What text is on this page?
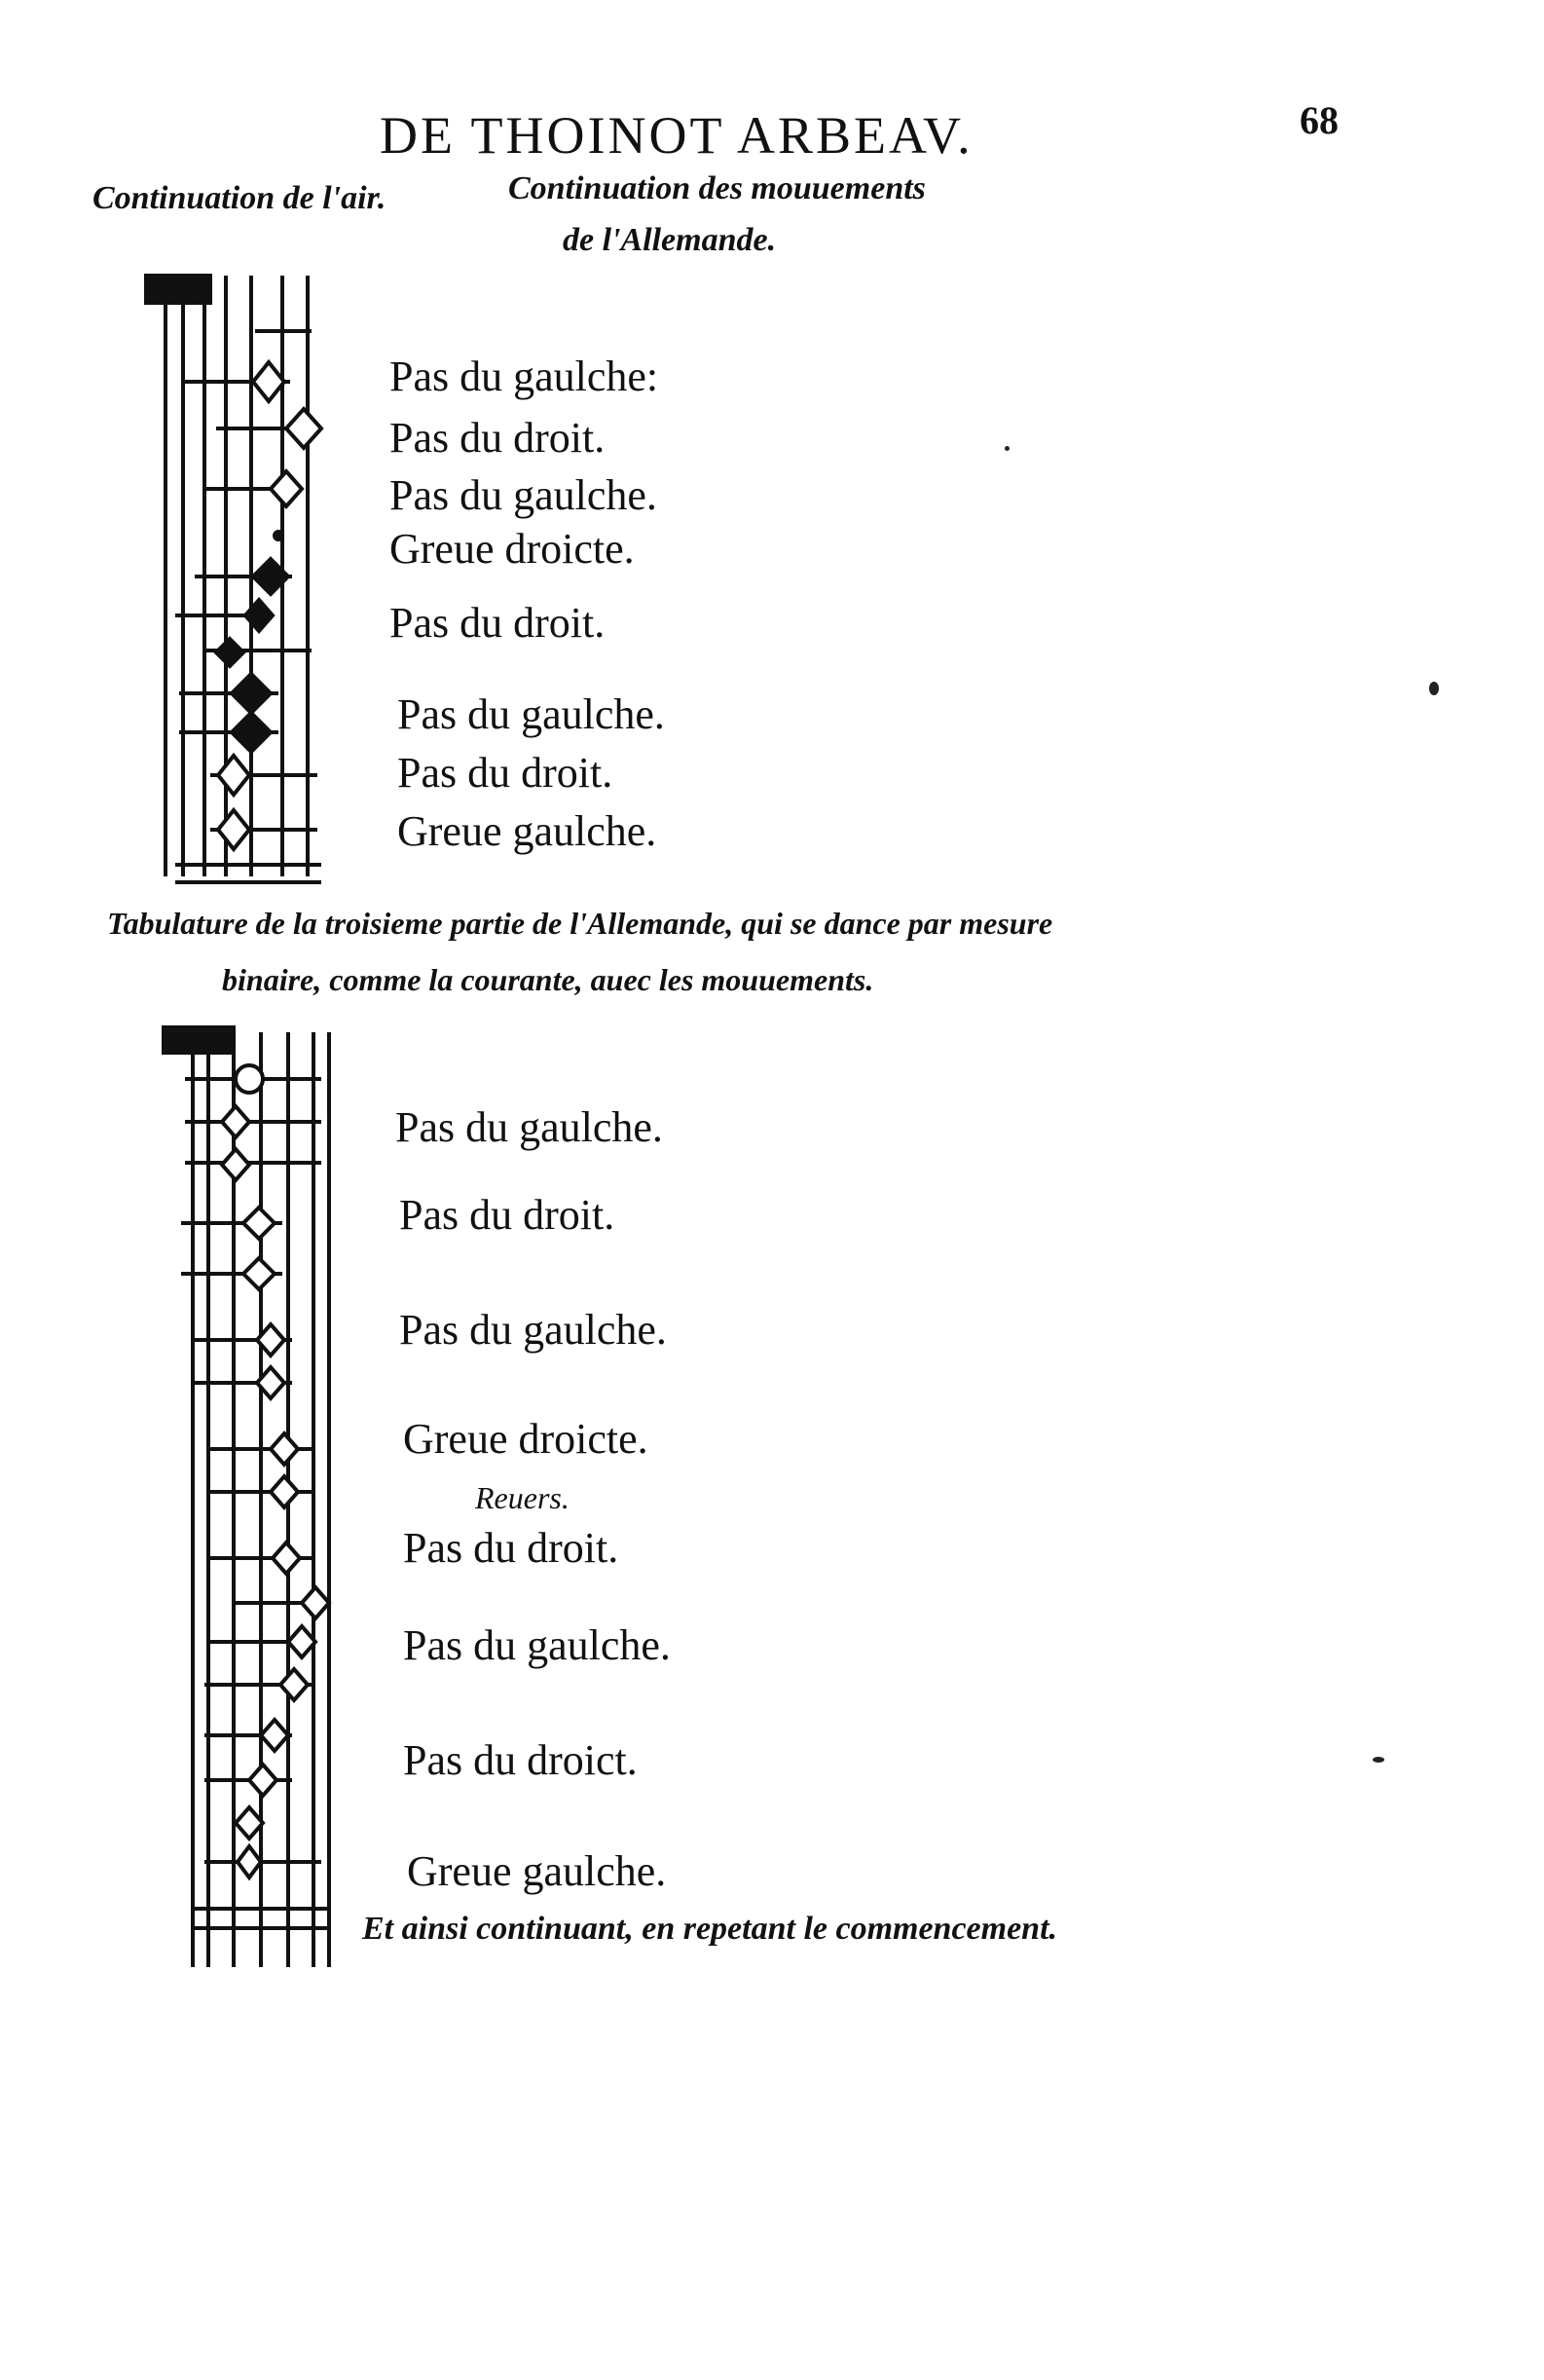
DE THOINOT ARBEAV.	68
Continuation de l'air.	Continuation des mouuements
de l'Allemande.
Pas du gaulche:
Pas du droit.
Pas du gaulche.
Greue droicte.
Pas du droit.
Pas du gaulche.
Pas du droit.
Greue gaulche.
Tabulature de la troisieme partie de l'Allemande, qui se dance par mesure
binaire, comme la courante, auec les mouuements.
Pas du gaulche.
Pas du droit.
Pas du gaulche.
Greue droicte.
Reuers.
Pas du droit.
Pas du gaulche.
Pas du droict.
Greue gaulche.
Et ainsi continuant, en repetant le commencement.
